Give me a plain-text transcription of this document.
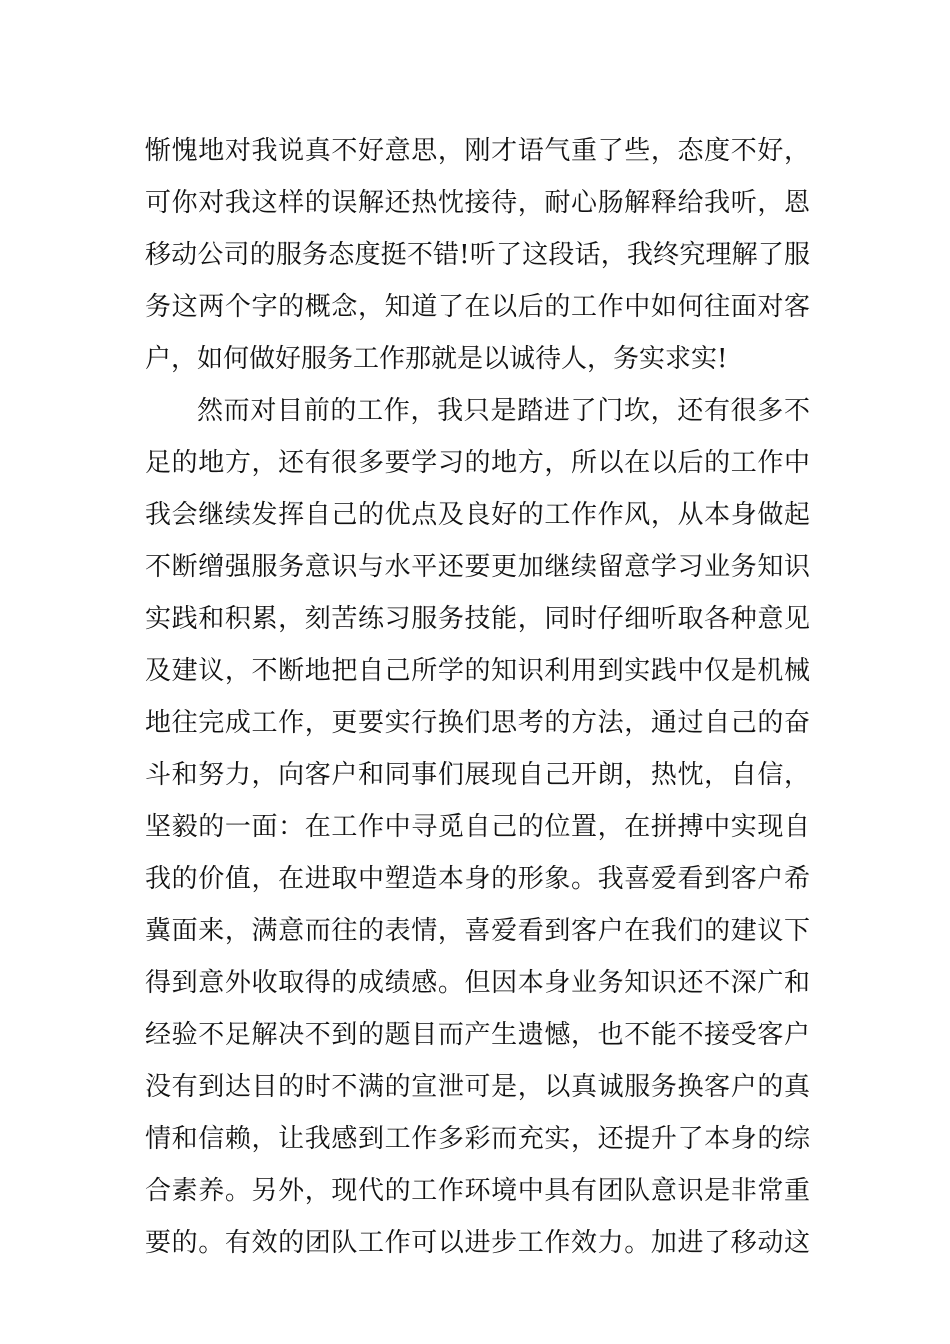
惭愧地对我说真不好意思，刚才语气重了些，态度不好，
可你对我这样的误解还热忱接待，耐心肠解释给我听，恩
移动公司的服务态度挺不错!听了这段话，我终究理解了服
务这两个字的概念，知道了在以后的工作中如何往面对客
户，如何做好服务工作那就是以诚待人，务实求实!
然而对目前的工作，我只是踏进了门坎，还有很多不
足的地方，还有很多要学习的地方，所以在以后的工作中
我会继续发挥自己的优点及良好的工作作风，从本身做起
不断缯强服务意识与水平还要更加继续留意学习业务知识
实践和积累，刻苦练习服务技能，同时仔细听取各种意见
及建议，不断地把自己所学的知识利用到实践中仅是机械
地往完成工作，更要实行换们思考的方法，通过自己的奋
斗和努力，向客户和同事们展现自己开朗，热忱，自信，
坚毅的一面：在工作中寻觅自己的位置，在拼搏中实现自
我的价值，在进取中塑造本身的形象。我喜爱看到客户希
冀面来，满意而往的表情，喜爱看到客户在我们的建议下
得到意外收取得的成绩感。但因本身业务知识还不深广和
经验不足解决不到的题目而产生遗憾，也不能不接受客户
没有到达目的时不满的宣泄可是，以真诚服务换客户的真
情和信赖，让我感到工作多彩而充实，还提升了本身的综
合素养。另外，现代的工作环境中具有团队意识是非常重
要的。有效的团队工作可以进步工作效力。加进了移动这
